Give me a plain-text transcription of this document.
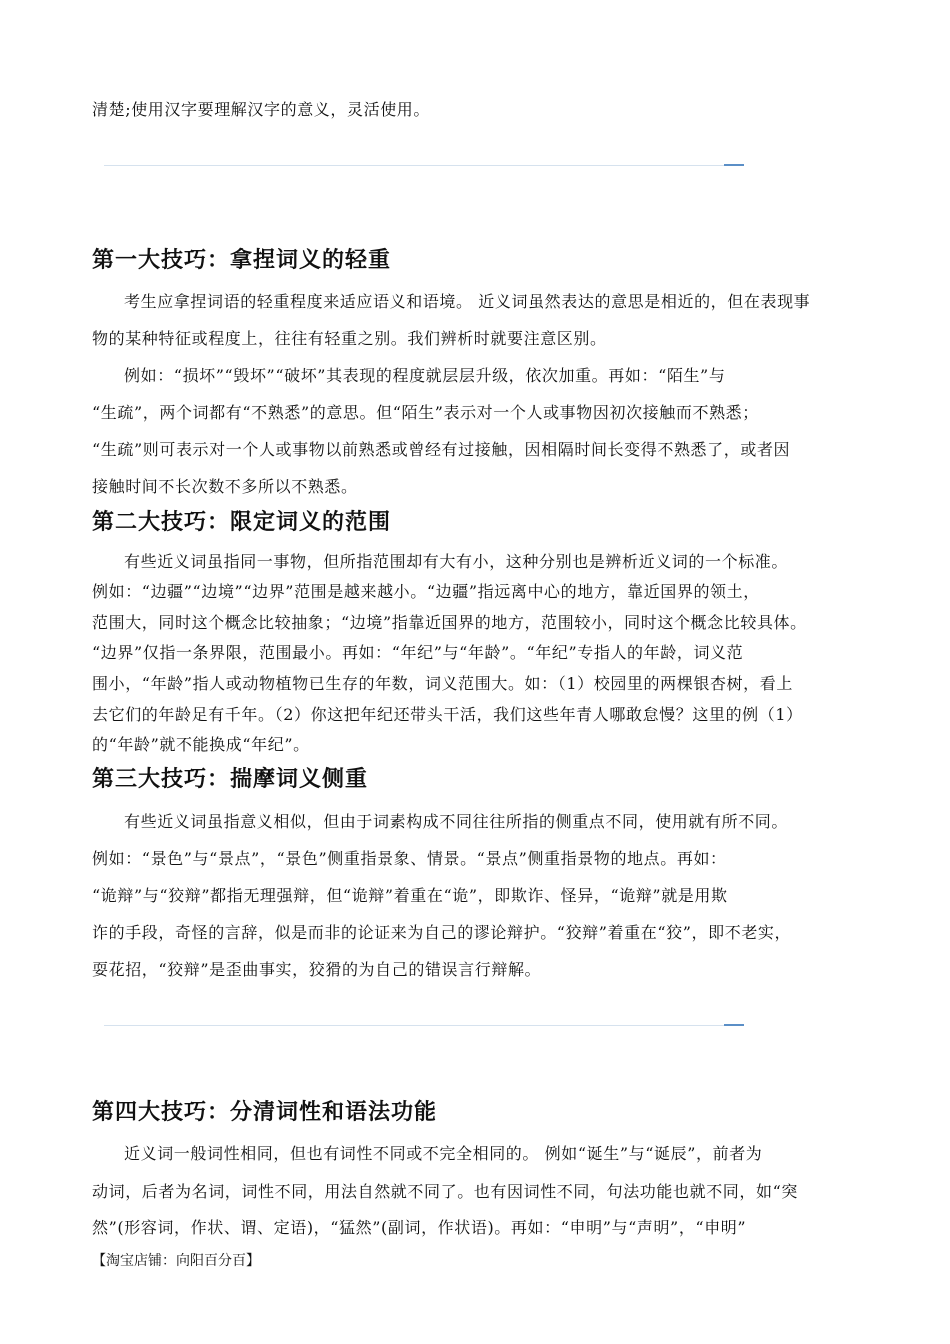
清楚;使用汉字要理解汉字的意义，灵活使用。
第一大技巧：拿捏词义的轻重
考生应拿捏词语的轻重程度来适应语义和语境。 近义词虽然表达的意思是相近的，但在表现事
物的某种特征或程度上，往往有轻重之别。我们辨析时就要注意区别。
例如：“损坏”“毁坏”“破坏”其表现的程度就层层升级，依次加重。再如：“陌生”与
“生疏”，两个词都有“不熟悉”的意思。但“陌生”表示对一个人或事物因初次接触而不熟悉；
“生疏”则可表示对一个人或事物以前熟悉或曾经有过接触，因相隔时间长变得不熟悉了，或者因
接触时间不长次数不多所以不熟悉。
第二大技巧：限定词义的范围
有些近义词虽指同一事物，但所指范围却有大有小，这种分别也是辨析近义词的一个标准。
例如：“边疆”“边境”“边界”范围是越来越小。“边疆”指远离中心的地方，靠近国界的领土，
范围大，同时这个概念比较抽象；“边境”指靠近国界的地方，范围较小，同时这个概念比较具体。
“边界”仅指一条界限，范围最小。再如：“年纪”与“年龄”。“年纪”专指人的年龄，词义范
围小，“年龄”指人或动物植物已生存的年数，词义范围大。如：（1）校园里的两棵银杏树，看上
去它们的年龄足有千年。（2）你这把年纪还带头干活，我们这些年青人哪敢怠慢？这里的例（1）
的“年龄”就不能换成“年纪”。
第三大技巧：揣摩词义侧重
有些近义词虽指意义相似，但由于词素构成不同往往所指的侧重点不同，使用就有所不同。
例如：“景色”与“景点”，“景色”侧重指景象、情景。“景点”侧重指景物的地点。再如：
“诡辩”与“狡辩”都指无理强辩，但“诡辩”着重在“诡”，即欺诈、怪异，“诡辩”就是用欺
诈的手段，奇怪的言辞，似是而非的论证来为自己的谬论辩护。“狡辩”着重在“狡”，即不老实，
耍花招，“狡辩”是歪曲事实，狡猾的为自己的错误言行辩解。
第四大技巧：分清词性和语法功能
近义词一般词性相同，但也有词性不同或不完全相同的。 例如“诞生”与“诞辰”，前者为
动词，后者为名词，词性不同，用法自然就不同了。也有因词性不同，句法功能也就不同，如“突
然”(形容词，作状、谓、定语)，“猛然”(副词，作状语)。再如：“申明”与“声明”，“申明”
【淘宝店铺：向阳百分百】
